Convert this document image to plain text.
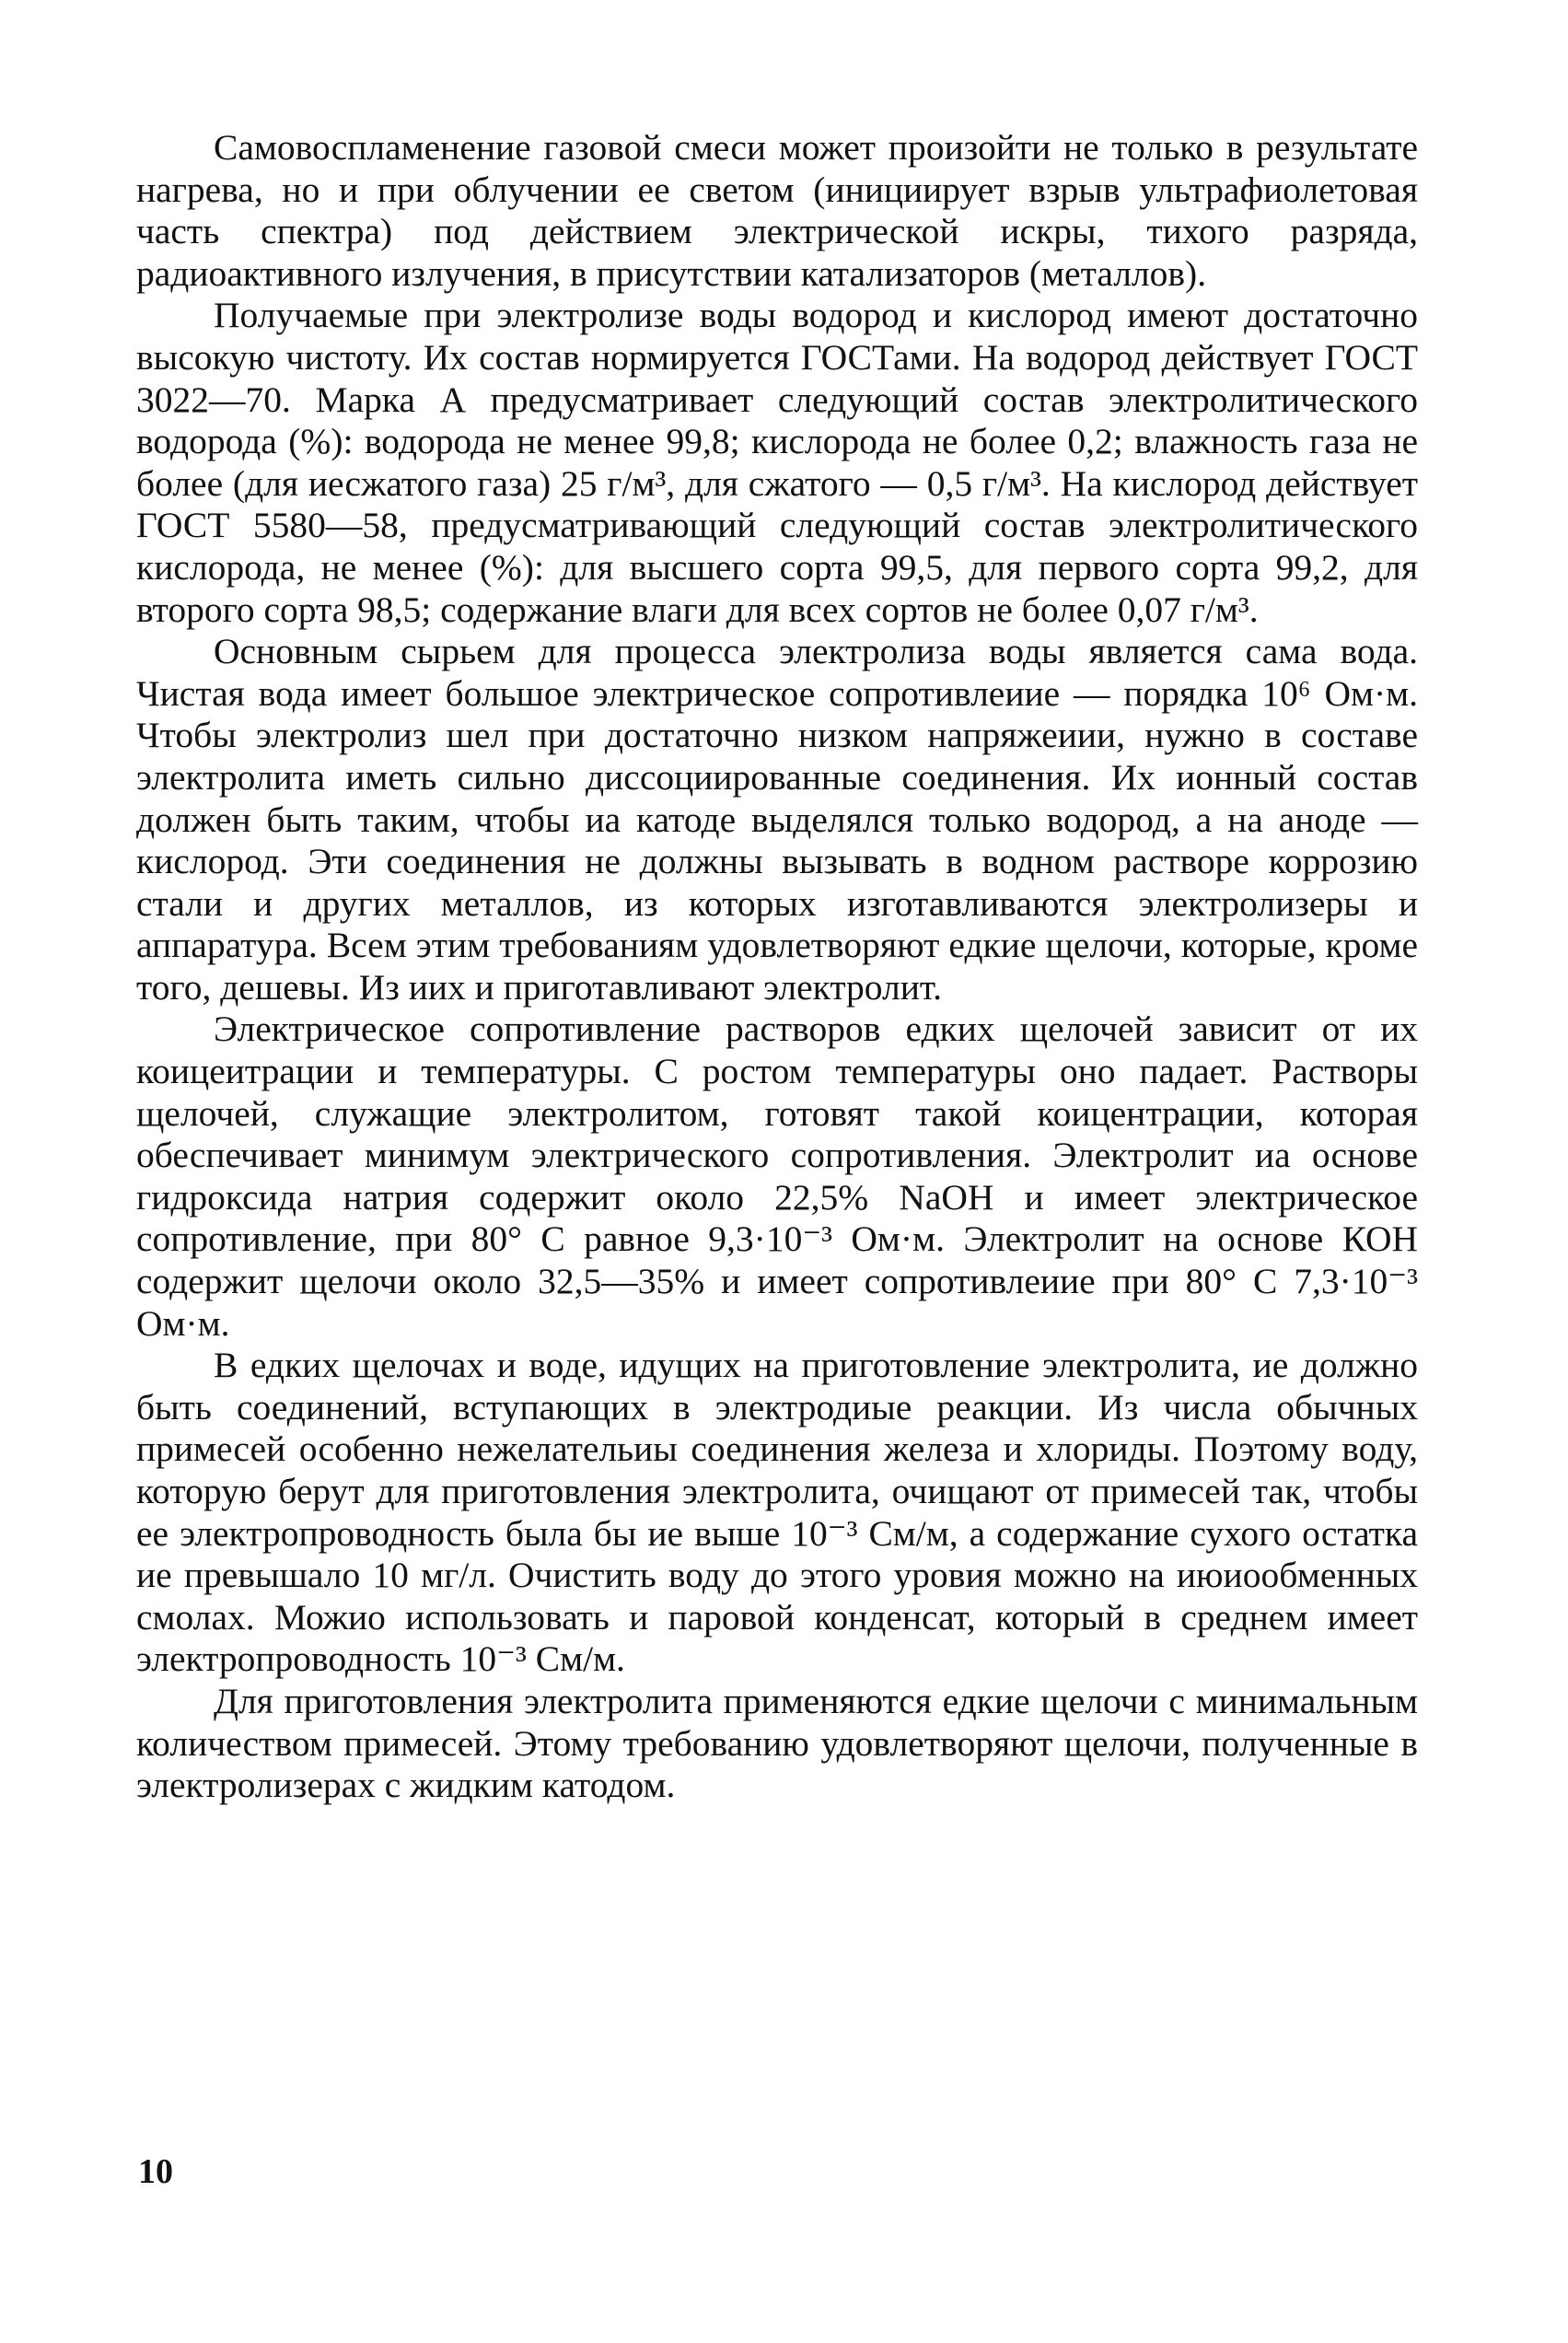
Самовоспламенение газовой смеси может произойти не только в результате нагрева, но и при облучении ее светом (инициирует взрыв ультрафиолетовая часть спектра) под действием электрической искры, тихого разряда, радиоактивного излучения, в присутствии катализаторов (металлов).

Получаемые при электролизе воды водород и кислород имеют достаточно высокую чистоту. Их состав нормируется ГОСТами. На водород действует ГОСТ 3022—70. Марка А предусматривает следующий состав электролитического водорода (%): водорода не менее 99,8; кислорода не более 0,2; влажность газа не более (для иесжатого газа) 25 г/м³, для сжатого — 0,5 г/м³. На кислород действует ГОСТ 5580—58, предусматривающий следующий состав электролитического кислорода, не менее (%): для высшего сорта 99,5, для первого сорта 99,2, для второго сорта 98,5; содержание влаги для всех сортов не более 0,07 г/м³.

Основным сырьем для процесса электролиза воды является сама вода. Чистая вода имеет большое электрическое сопротивлеиие — порядка 10⁶ Ом·м. Чтобы электролиз шел при достаточно низком напряжеиии, нужно в составе электролита иметь сильно диссоциированные соединения. Их ионный состав должен быть таким, чтобы иа катоде выделялся только водород, а на аноде — кислород. Эти соединения не должны вызывать в водном растворе коррозию стали и других металлов, из которых изготавливаются электролизеры и аппаратура. Всем этим требованиям удовлетворяют едкие щелочи, которые, кроме того, дешевы. Из иих и приготавливают электролит.

Электрическое сопротивление растворов едких щелочей зависит от их коицеитрации и температуры. С ростом температуры оно падает. Растворы щелочей, служащие электролитом, готовят такой коицентрации, которая обеспечивает минимум электрического сопротивления. Электролит иа основе гидроксида натрия содержит около 22,5% NaOH и имеет электрическое сопротивление, при 80° С равное 9,3·10⁻³ Ом·м. Электролит на основе КОН содержит щелочи около 32,5—35% и имеет сопротивлеиие при 80° С 7,3·10⁻³ Ом·м.

В едких щелочах и воде, идущих на приготовление электролита, ие должно быть соединений, вступающих в электродиые реакции. Из числа обычных примесей особенно нежелательиы соединения железа и хлориды. Поэтому воду, которую берут для приготовления электролита, очищают от примесей так, чтобы ее электропроводность была бы ие выше 10⁻³ См/м, а содержание сухого остатка ие превышало 10 мг/л. Очистить воду до этого уровия можно на июиообменных смолах. Можио использовать и паровой конденсат, который в среднем имеет электропроводность 10⁻³ См/м.

Для приготовления электролита применяются едкие щелочи с минимальным количеством примесей. Этому требованию удовлетворяют щелочи, полученные в электролизерах с жидким катодом.

10
